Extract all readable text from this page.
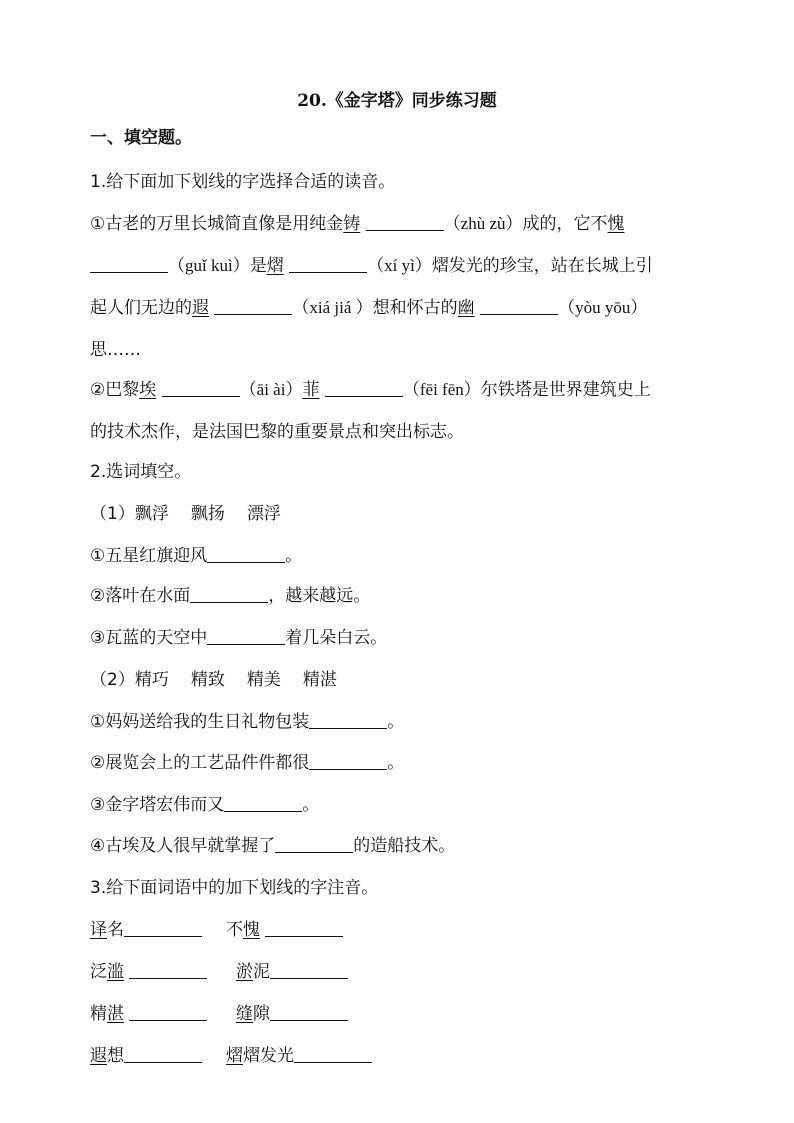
20.《金字塔》同步练习题
一、填空题。
1.给下面加下划线的字选择合适的读音。
①古老的万里长城简直像是用纯金铸	（zhù zù）成的，它不愧
（guǐ kuì）是熠	（xí yì）熠发光的珍宝，站在长城上引
起人们无边的遐	（xiá jiá ）想和怀古的幽	（yòu yōu）
思……
②巴黎埃	（āi ài）菲	（fēi fēn）尔铁塔是世界建筑史上
的技术杰作，是法国巴黎的重要景点和突出标志。
2.选词填空。
（1）飘浮 飘扬 漂浮
①五星红旗迎风	。
②落叶在水面	，越来越远。
③瓦蓝的天空中	着几朵白云。
（2）精巧 精致 精美 精湛
①妈妈送给我的生日礼物包装	。
②展览会上的工艺品件件都很	。
③金字塔宏伟而又	。
④古埃及人很早就掌握了	的造船技术。
3.给下面词语中的加下划线的字注音。
译名	不愧
泛滥	淤泥
精湛	缝隙
遐想	熠熠发光
